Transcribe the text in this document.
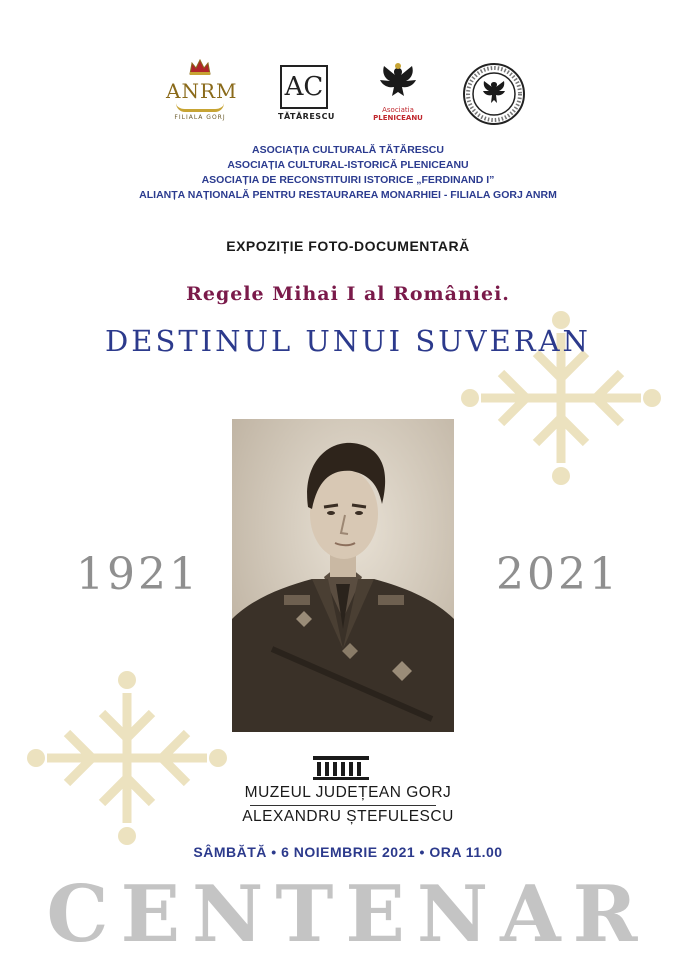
ANRM
FILIALA GORJ
AC
TĂTĂRESCU
Asociatia
PLENICEANU
ASOCIAȚIA CULTURALĂ TĂTĂRESCU
ASOCIAȚIA CULTURAL-ISTORICĂ PLENICEANU
ASOCIAȚIA DE RECONSTITUIRI ISTORICE „FERDINAND I”
ALIANȚA NAȚIONALĂ PENTRU RESTAURAREA MONARHIEI - FILIALA GORJ ANRM
EXPOZIȚIE FOTO-DOCUMENTARĂ
Regele Mihai I al României.
DESTINUL UNUI SUVERAN
1921	2021
MUZEUL JUDEȚEAN GORJ
ALEXANDRU ȘTEFULESCU
SÂMBĂTĂ • 6 NOIEMBRIE 2021 • ORA 11.00
CENTENAR
